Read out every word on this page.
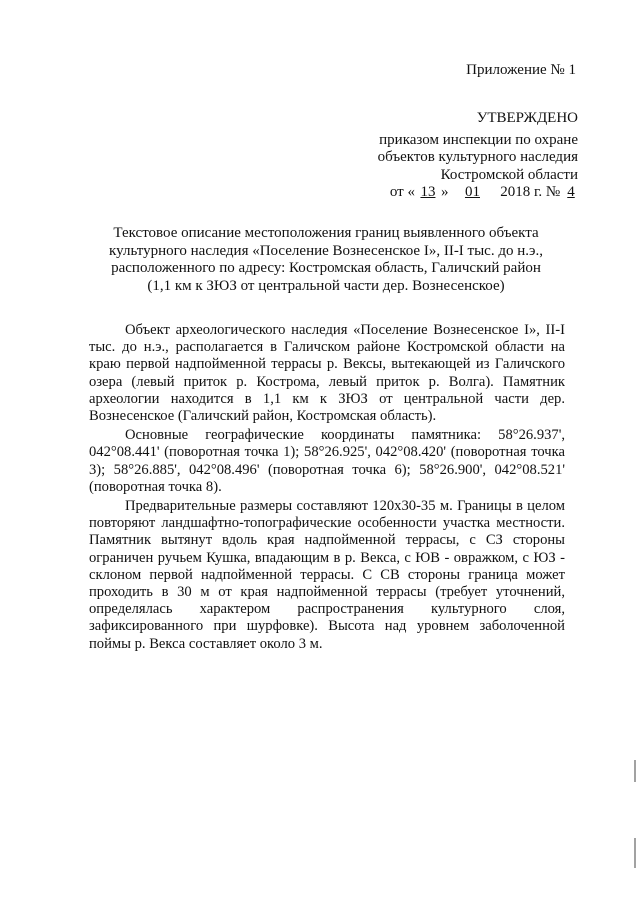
Приложение № 1
УТВЕРЖДЕНО
приказом инспекции по охране
объектов культурного наследия
Костромской области
от « 13 » 01 2018 г. № 4
Текстовое описание местоположения границ выявленного объекта
культурного наследия «Поселение Вознесенское I», II-I тыс. до н.э.,
расположенного по адресу: Костромская область, Галичский район
(1,1 км к ЗЮЗ от центральной части дер. Вознесенское)

Объект археологического наследия «Поселение Вознесенское I», II-I тыс. до н.э., располагается в Галичском районе Костромской области на краю первой надпойменной террасы р. Вексы, вытекающей из Галичского озера (левый приток р. Кострома, левый приток р. Волга). Памятник археологии находится в 1,1 км к ЗЮЗ от центральной части дер. Вознесенское (Галичский район, Костромская область).

Основные географические координаты памятника: 58°26.937', 042°08.441' (поворотная точка 1); 58°26.925', 042°08.420' (поворотная точка 3); 58°26.885', 042°08.496' (поворотная точка 6); 58°26.900', 042°08.521' (поворотная точка 8).

Предварительные размеры составляют 120х30-35 м. Границы в целом повторяют ландшафтно-топографические особенности участка местности. Памятник вытянут вдоль края надпойменной террасы, с СЗ стороны ограничен ручьем Кушка, впадающим в р. Векса, с ЮВ - овражком, с ЮЗ - склоном первой надпойменной террасы. С СВ стороны граница может проходить в 30 м от края надпойменной террасы (требует уточнений, определялась характером распространения культурного слоя, зафиксированного при шурфовке). Высота над уровнем заболоченной поймы р. Векса составляет около 3 м.
